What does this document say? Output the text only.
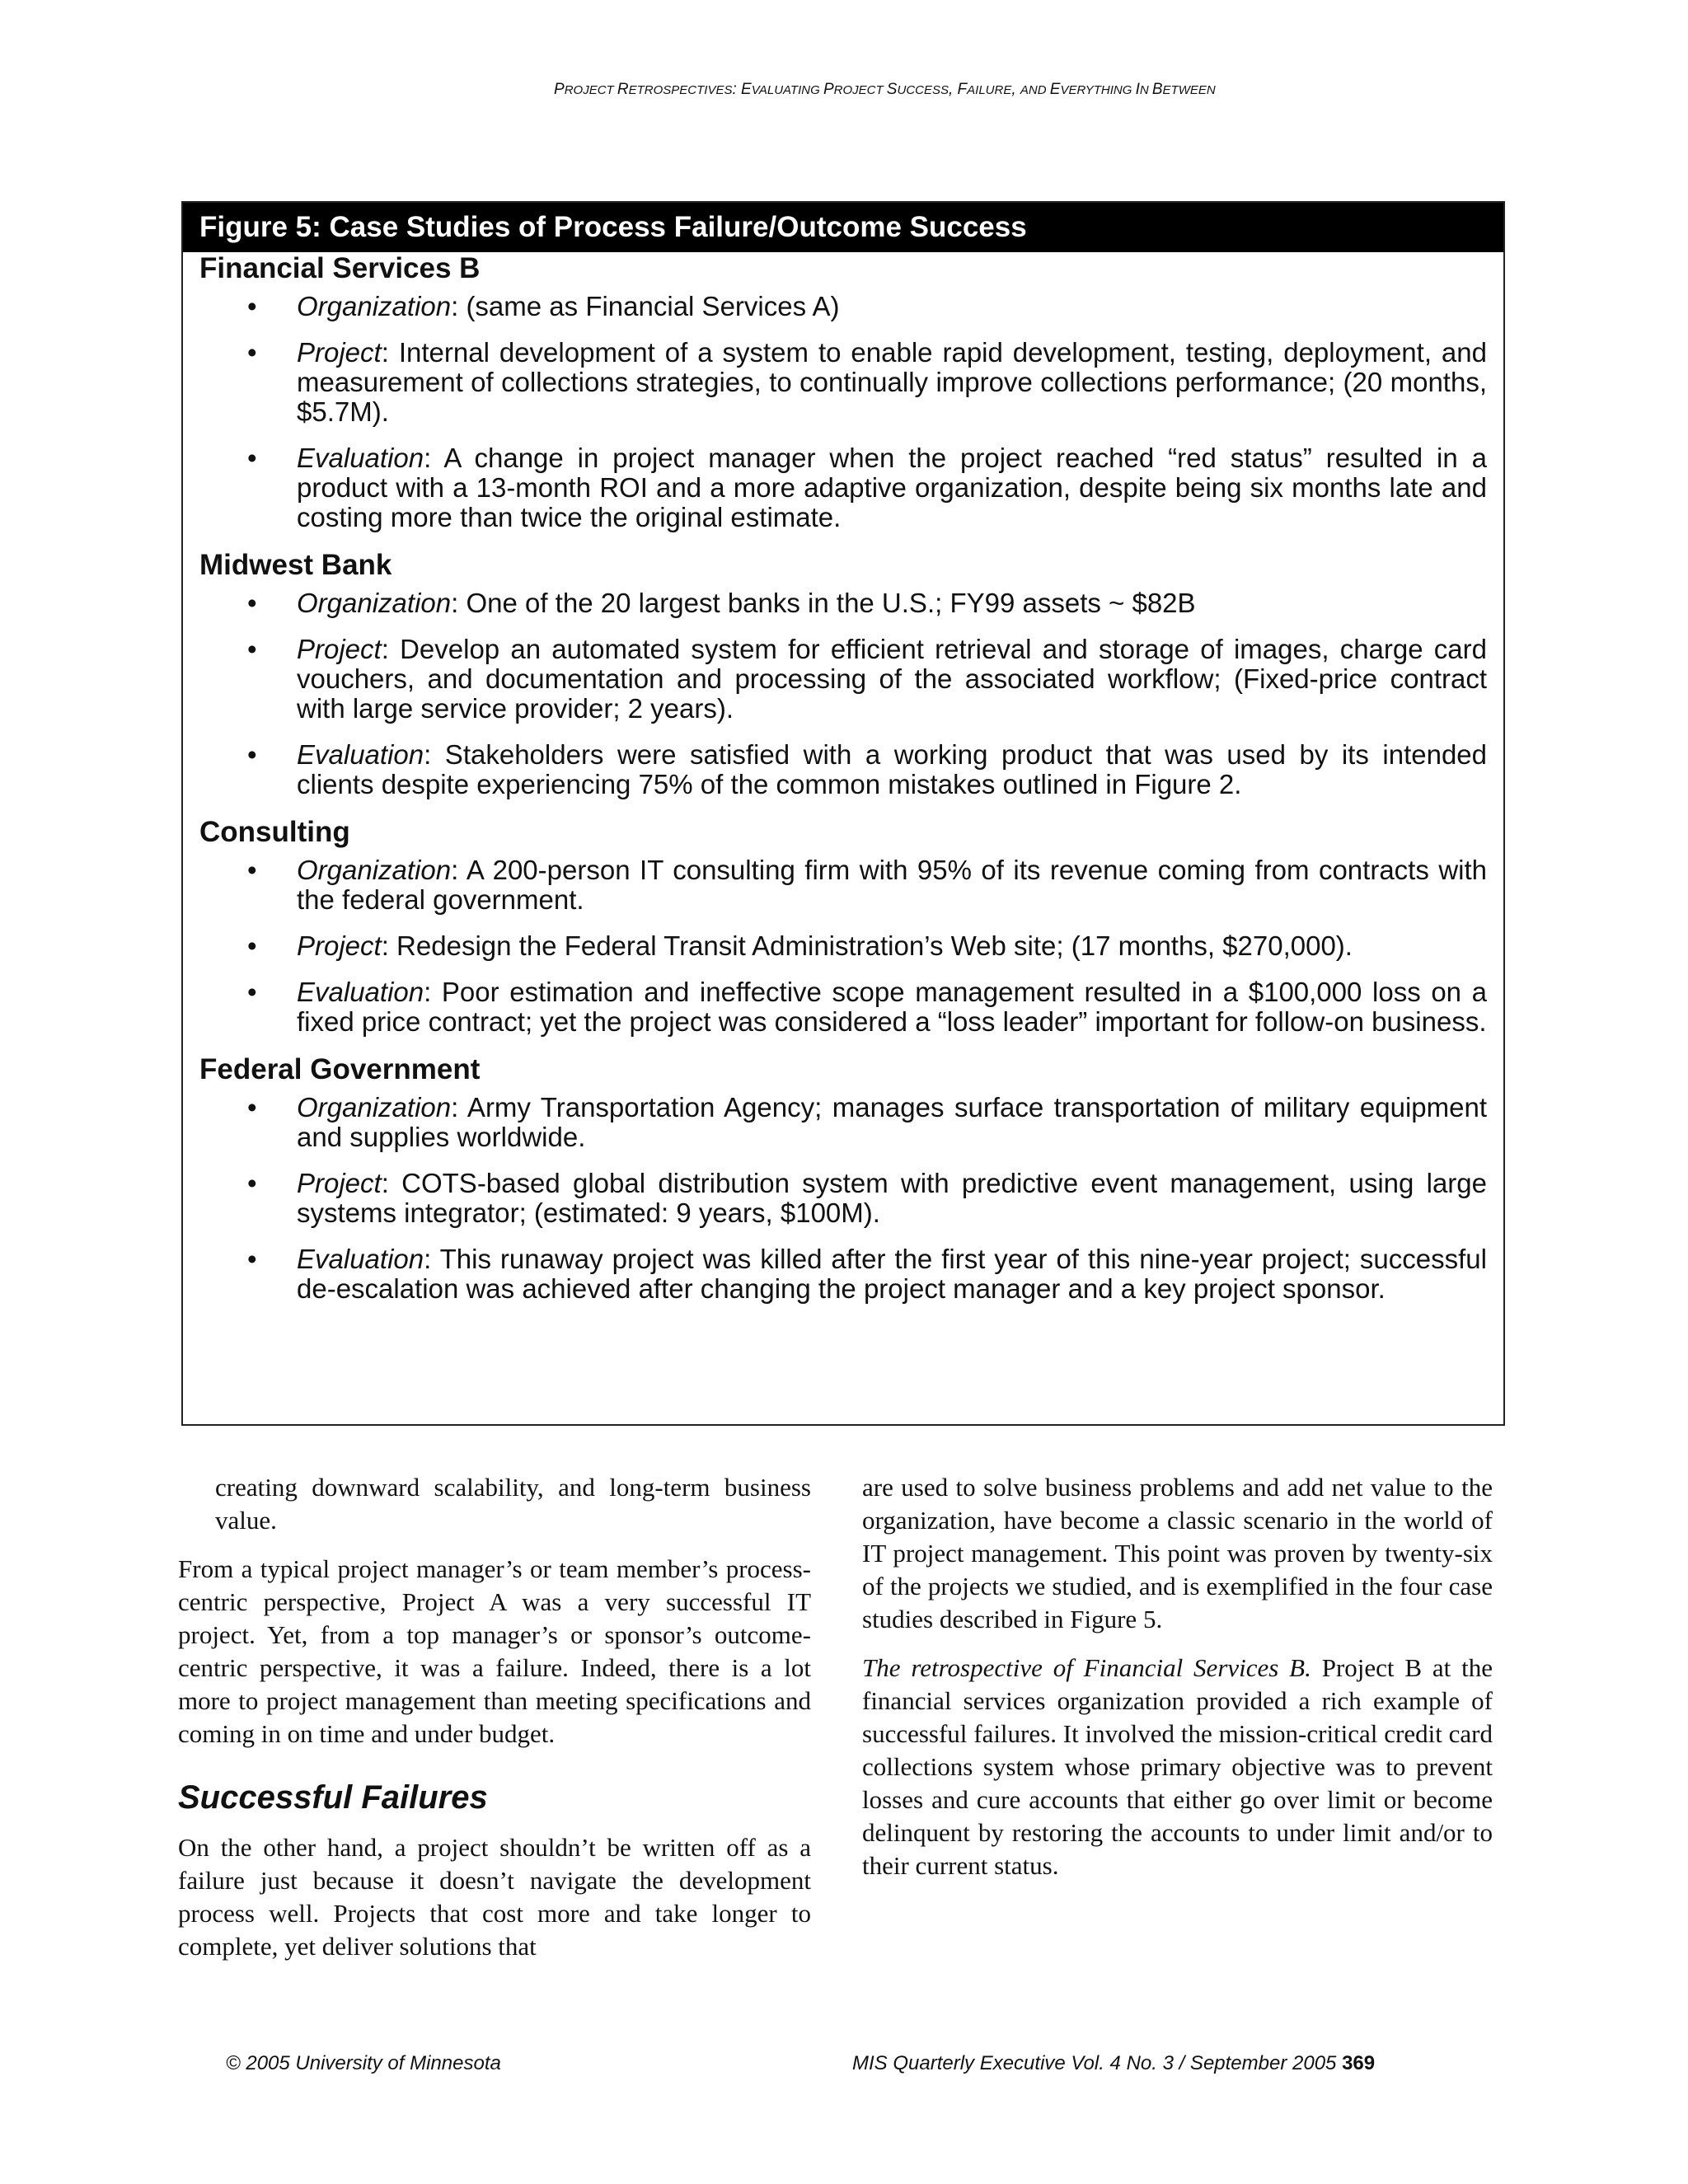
PROJECT RETROSPECTIVES: EVALUATING PROJECT SUCCESS, FAILURE, AND EVERYTHING IN BETWEEN
Figure 5: Case Studies of Process Failure/Outcome Success
Financial Services B
• Organization: (same as Financial Services A)
• Project: Internal development of a system to enable rapid development, testing, deployment, and measurement of collections strategies, to continually improve collections performance; (20 months, $5.7M).
• Evaluation: A change in project manager when the project reached “red status” resulted in a product with a 13-month ROI and a more adaptive organization, despite being six months late and costing more than twice the original estimate.
Midwest Bank
• Organization: One of the 20 largest banks in the U.S.; FY99 assets ~ $82B
• Project: Develop an automated system for efficient retrieval and storage of images, charge card vouchers, and documentation and processing of the associated workflow; (Fixed-price contract with large service provider; 2 years).
• Evaluation: Stakeholders were satisfied with a working product that was used by its intended clients despite experiencing 75% of the common mistakes outlined in Figure 2.
Consulting
• Organization: A 200-person IT consulting firm with 95% of its revenue coming from contracts with the federal government.
• Project: Redesign the Federal Transit Administration’s Web site; (17 months, $270,000).
• Evaluation: Poor estimation and ineffective scope management resulted in a $100,000 loss on a fixed price contract; yet the project was considered a “loss leader” important for follow-on business.
Federal Government
• Organization: Army Transportation Agency; manages surface transportation of military equipment and supplies worldwide.
• Project: COTS-based global distribution system with predictive event management, using large systems integrator; (estimated: 9 years, $100M).
• Evaluation: This runaway project was killed after the first year of this nine-year project; successful de-escalation was achieved after changing the project manager and a key project sponsor.

creating downward scalability, and long-term business value.

From a typical project manager’s or team member’s process-centric perspective, Project A was a very successful IT project. Yet, from a top manager’s or sponsor’s outcome-centric perspective, it was a failure. Indeed, there is a lot more to project management than meeting specifications and coming in on time and under budget.

Successful Failures

On the other hand, a project shouldn’t be written off as a failure just because it doesn’t navigate the development process well. Projects that cost more and take longer to complete, yet deliver solutions that

are used to solve business problems and add net value to the organization, have become a classic scenario in the world of IT project management. This point was proven by twenty-six of the projects we studied, and is exemplified in the four case studies described in Figure 5.

The retrospective of Financial Services B. Project B at the financial services organization provided a rich example of successful failures. It involved the mission-critical credit card collections system whose primary objective was to prevent losses and cure accounts that either go over limit or become delinquent by restoring the accounts to under limit and/or to their current status.

© 2005 University of Minnesota	MIS Quarterly Executive Vol. 4 No. 3 / September 2005 369
